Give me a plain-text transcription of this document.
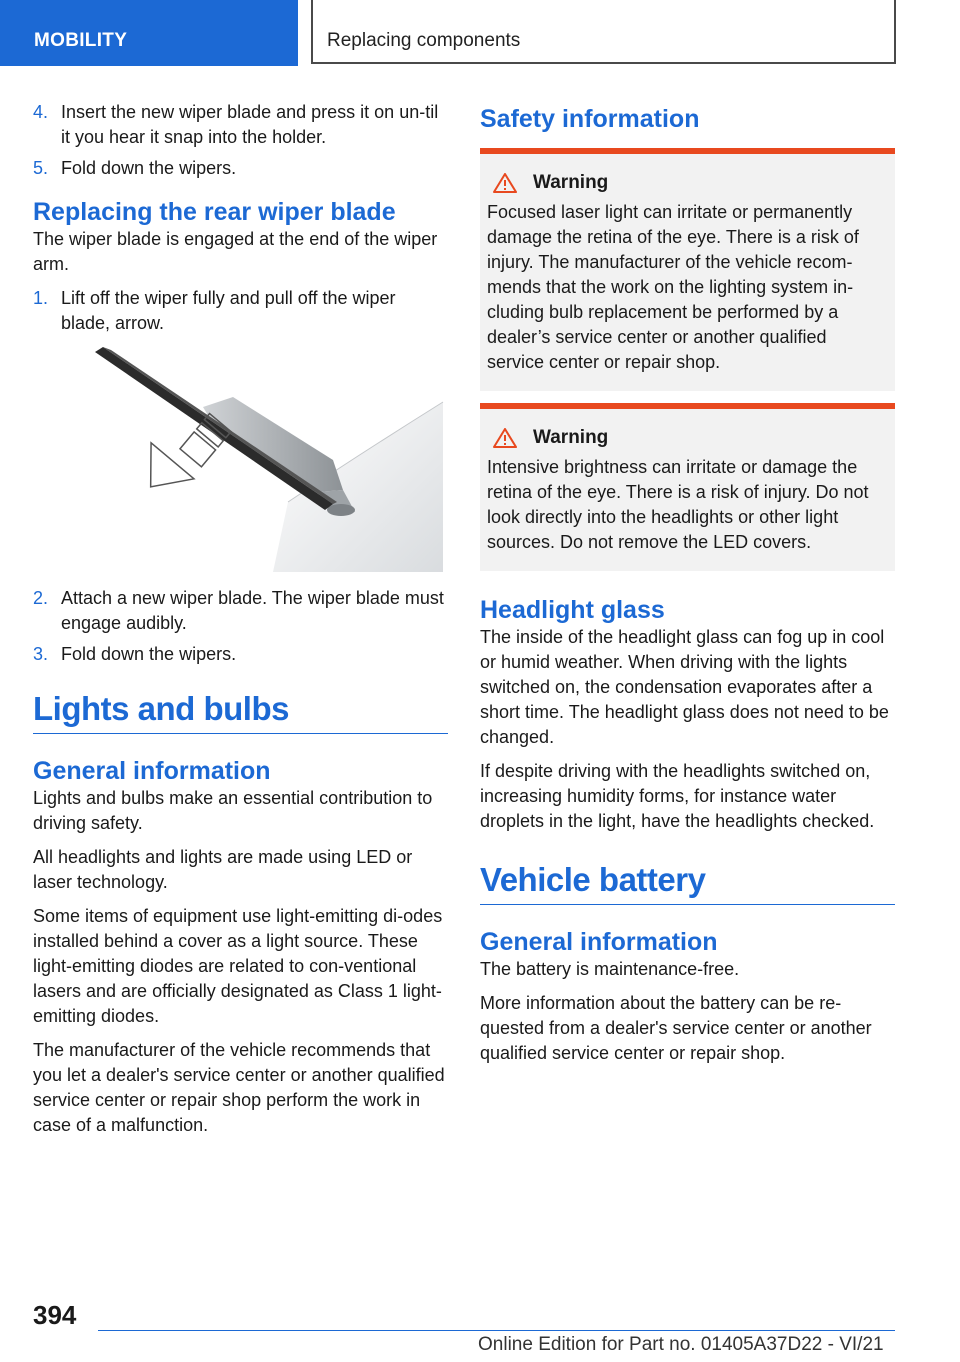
MOBILITY	Replacing components
4. Insert the new wiper blade and press it on un-til it you hear it snap into the holder.
5. Fold down the wipers.
Replacing the rear wiper blade

The wiper blade is engaged at the end of the wiper arm.

1. Lift off the wiper fully and pull off the wiper blade, arrow.
2. Attach a new wiper blade. The wiper blade must engage audibly.
3. Fold down the wipers.
Lights and bulbs
General information

Lights and bulbs make an essential contribution to driving safety.

All headlights and lights are made using LED or laser technology.

Some items of equipment use light-emitting di-odes installed behind a cover as a light source. These light-emitting diodes are related to con-ventional lasers and are officially designated as Class 1 light-emitting diodes.

The manufacturer of the vehicle recommends that you let a dealer's service center or another qualified service center or repair shop perform the work in case of a malfunction.

Safety information
Warning

Focused laser light can irritate or permanently damage the retina of the eye. There is a risk of injury. The manufacturer of the vehicle recom-mends that the work on the lighting system in-cluding bulb replacement be performed by a dealer’s service center or another qualified service center or repair shop.

Warning

Intensive brightness can irritate or damage the retina of the eye. There is a risk of injury. Do not look directly into the headlights or other light sources. Do not remove the LED covers.

Headlight glass

The inside of the headlight glass can fog up in cool or humid weather. When driving with the lights switched on, the condensation evaporates after a short time. The headlight glass does not need to be changed.

If despite driving with the headlights switched on, increasing humidity forms, for instance water droplets in the light, have the headlights checked.

Vehicle battery
General information

The battery is maintenance-free.

More information about the battery can be re-quested from a dealer's service center or another qualified service center or repair shop.

394
Online Edition for Part no. 01405A37D22 - VI/21
